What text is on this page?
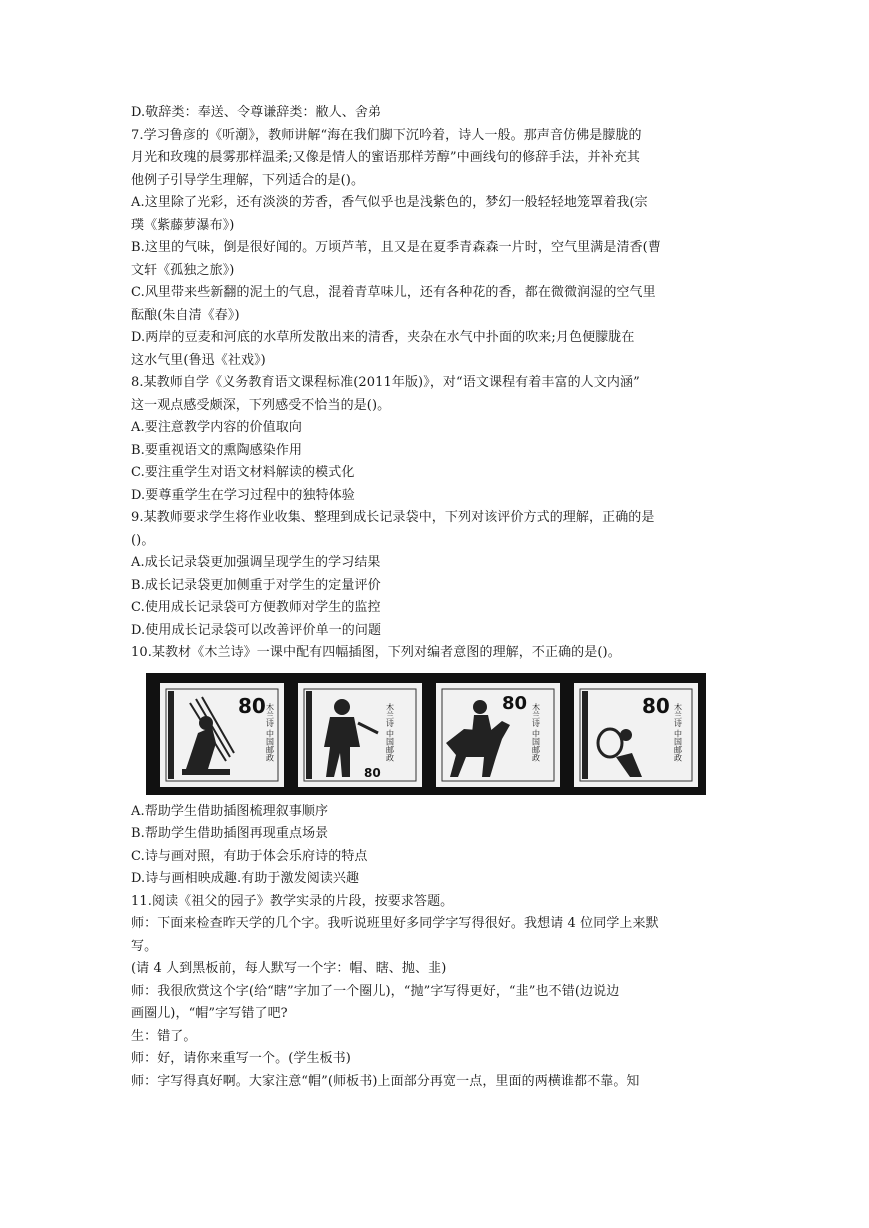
D.敬辞类：奉送、令尊谦辞类：敝人、舍弟

7.学习鲁彦的《听潮》，教师讲解“海在我们脚下沉吟着，诗人一般。那声音仿佛是朦胧的

月光和玫瑰的晨雾那样温柔;又像是情人的蜜语那样芳醇”中画线句的修辞手法，并补充其

他例子引导学生理解，下列适合的是()。

A.这里除了光彩，还有淡淡的芳香，香气似乎也是浅紫色的，梦幻一般轻轻地笼罩着我(宗

璞《紫藤萝瀑布》)

B.这里的气味，倒是很好闻的。万顷芦苇，且又是在夏季青森森一片时，空气里满是清香(曹

文轩《孤独之旅》)

C.风里带来些新翻的泥土的气息，混着青草味儿，还有各种花的香，都在微微润湿的空气里

酝酿(朱自清《春》)

D.两岸的豆麦和河底的水草所发散出来的清香，夹杂在水气中扑面的吹来;月色便朦胧在

这水气里(鲁迅《社戏》)

8.某教师自学《义务教育语文课程标准(2011年版)》，对“语文课程有着丰富的人文内涵”

这一观点感受颇深，下列感受不恰当的是()。

A.要注意教学内容的价值取向

B.要重视语文的熏陶感染作用

C.要注重学生对语文材料解读的模式化

D.要尊重学生在学习过程中的独特体验

9.某教师要求学生将作业收集、整理到成长记录袋中，下列对该评价方式的理解，正确的是

()。

A.成长记录袋更加强调呈现学生的学习结果

B.成长记录袋更加侧重于对学生的定量评价

C.使用成长记录袋可方便教师对学生的监控

D.使用成长记录袋可以改善评价单一的问题

10.某教材《木兰诗》一课中配有四幅插图，下列对编者意图的理解，不正确的是()。

80 木兰诗 中国邮政	木兰诗 中国邮政
80
80 木兰诗 中国邮政	80 木兰诗 中国邮政

A.帮助学生借助插图梳理叙事顺序

B.帮助学生借助插图再现重点场景

C.诗与画对照，有助于体会乐府诗的特点

D.诗与画相映成趣.有助于激发阅读兴趣

11.阅读《祖父的园子》教学实录的片段，按要求答题。

师：下面来检查昨天学的几个字。我听说班里好多同学字写得很好。我想请 4 位同学上来默

写。

(请 4 人到黑板前，每人默写一个字：帽、瞎、抛、韭)

师：我很欣赏这个字(给“瞎”字加了一个圈儿)，“抛”字写得更好，“韭”也不错(边说边

画圈儿)，“帽”字写错了吧?

生：错了。

师：好，请你来重写一个。(学生板书)

师：字写得真好啊。大家注意“帽”(师板书)上面部分再宽一点，里面的两横谁都不靠。知
